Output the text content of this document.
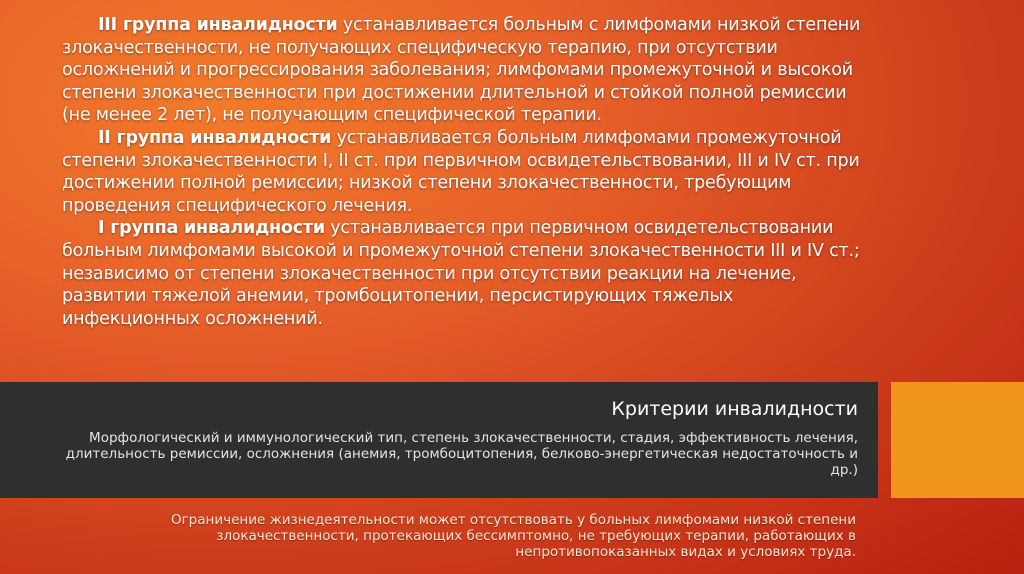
III группа инвалидности устанавливается больным с лимфомами низкой степени злокачественности, не получающих специфическую терапию, при отсутствии осложнений и прогрессирования заболевания; лимфомами промежуточной и высокой степени злокачественности при достижении длительной и стойкой полной ремиссии (не менее 2 лет), не получающим специфической терапии.

II группа инвалидности устанавливается больным лимфомами промежуточной степени злокачественности I, II ст. при первичном освидетельствовании, III и IV ст. при достижении полной ремиссии; низкой степени злокачественности, требующим проведения специфического лечения.

I группа инвалидности устанавливается при первичном освидетельствовании больным лимфомами высокой и промежуточной степени злокачественности III и IV ст.; независимо от степени злокачественности при отсутствии реакции на лечение, развитии тяжелой анемии, тромбоцитопении, персистирующих тяжелых инфекционных осложнений.

Критерии инвалидности
Морфологический и иммунологический тип, степень злокачественности, стадия, эффективность лечения, длительность ремиссии, осложнения (анемия, тромбоцитопения, белково-энергетическая недостаточность и др.)
Ограничение жизнедеятельности может отсутствовать у больных лимфомами низкой степени злокачественности, протекающих бессимптомно, не требующих терапии, работающих в непротивопоказанных видах и условиях труда.
